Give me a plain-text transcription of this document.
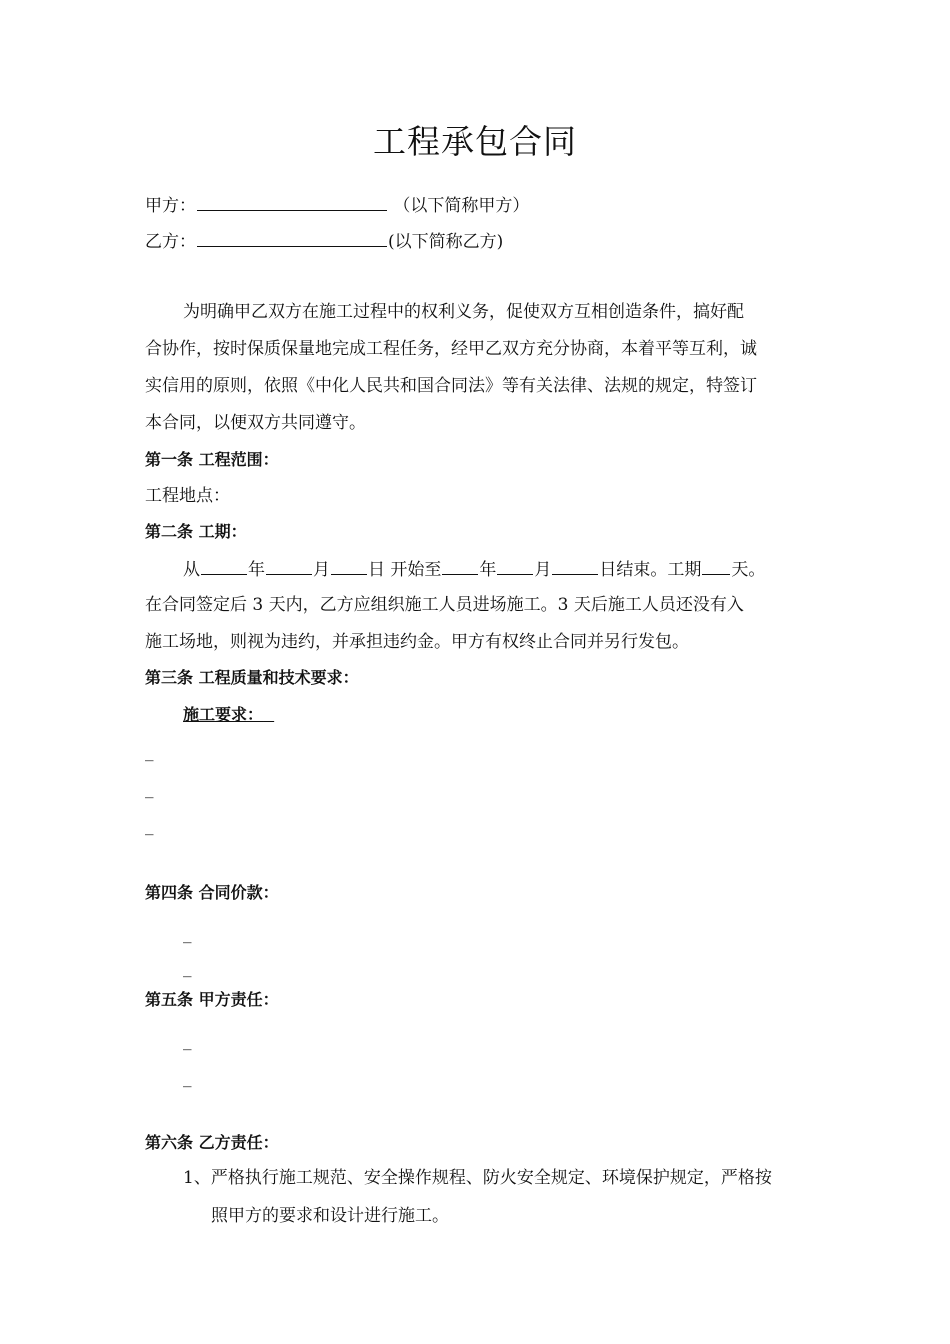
工程承包合同
甲方：	（以下简称甲方）
乙方：	(以下简称乙方)
为明确甲乙双方在施工过程中的权利义务，促使双方互相创造条件，搞好配
合协作，按时保质保量地完成工程任务，经甲乙双方充分协商，本着平等互利，诚
实信用的原则，依照《中化人民共和国合同法》等有关法律、法规的规定，特签订
本合同，以便双方共同遵守。
第一条 工程范围：
工程地点：
第二条 工期：
从	年	月 日 开始至 年 月	日结束。工期 天。
在合同签定后 3 天内，乙方应组织施工人员进场施工。3 天后施工人员还没有入
施工场地，则视为违约，并承担违约金。甲方有权终止合同并另行发包。
第三条 工程质量和技术要求：
施工要求：
_
_
_
第四条 合同价款：
_
_
第五条 甲方责任：
_
_
第六条 乙方责任：
1、严格执行施工规范、安全操作规程、防火安全规定、环境保护规定，严格按
照甲方的要求和设计进行施工。
